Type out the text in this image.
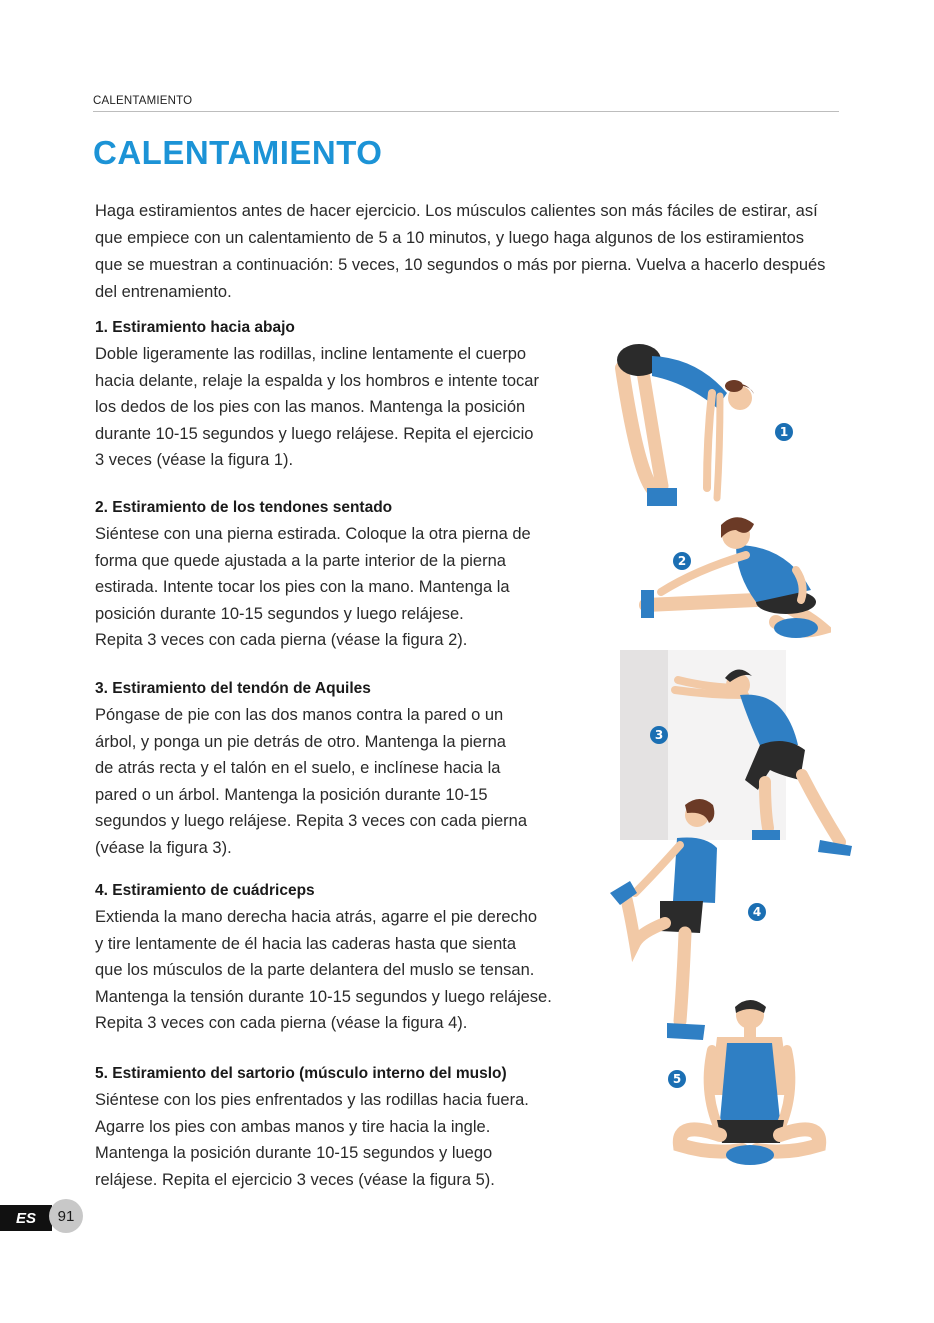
CALENTAMIENTO
CALENTAMIENTO

Haga estiramientos antes de hacer ejercicio. Los músculos calientes son más fáciles de estirar, así que empiece con un calentamiento de 5 a 10 minutos, y luego haga algunos de los estiramientos que se muestran a continuación: 5 veces, 10 segundos o más por pierna. Vuelva a hacerlo después del entrenamiento.

1. Estiramiento hacia abajo

Doble ligeramente las rodillas, incline lentamente el cuerpo
hacia delante, relaje la espalda y los hombros e intente tocar
los dedos de los pies con las manos. Mantenga la posición
durante 10-15 segundos y luego relájese. Repita el ejercicio
3 veces (véase la figura 1).

2. Estiramiento de los tendones sentado

Siéntese con una pierna estirada. Coloque la otra pierna de
forma que quede ajustada a la parte interior de la pierna
estirada. Intente tocar los pies con la mano. Mantenga la
posición durante 10-15 segundos y luego relájese.
Repita 3 veces con cada pierna (véase la figura 2).

3. Estiramiento del tendón de Aquiles

Póngase de pie con las dos manos contra la pared o un
árbol, y ponga un pie detrás de otro. Mantenga la pierna
de atrás recta y el talón en el suelo, e inclínese hacia la
pared o un árbol. Mantenga la posición durante 10-15
segundos y luego relájese. Repita 3 veces con cada pierna
(véase la figura 3).

4. Estiramiento de cuádriceps

Extienda la mano derecha hacia atrás, agarre el pie derecho
y tire lentamente de él hacia las caderas hasta que sienta
que los músculos de la parte delantera del muslo se tensan.
Mantenga la tensión durante 10-15 segundos y luego relájese.
Repita 3 veces con cada pierna (véase la figura 4).

5. Estiramiento del sartorio (músculo interno del muslo)

Siéntese con los pies enfrentados y las rodillas hacia fuera.
Agarre los pies con ambas manos y tire hacia la ingle.
Mantenga la posición durante 10-15 segundos y luego
relájese. Repita el ejercicio 3 veces (véase la figura 5).

1
2
3
4
5
ES	91
